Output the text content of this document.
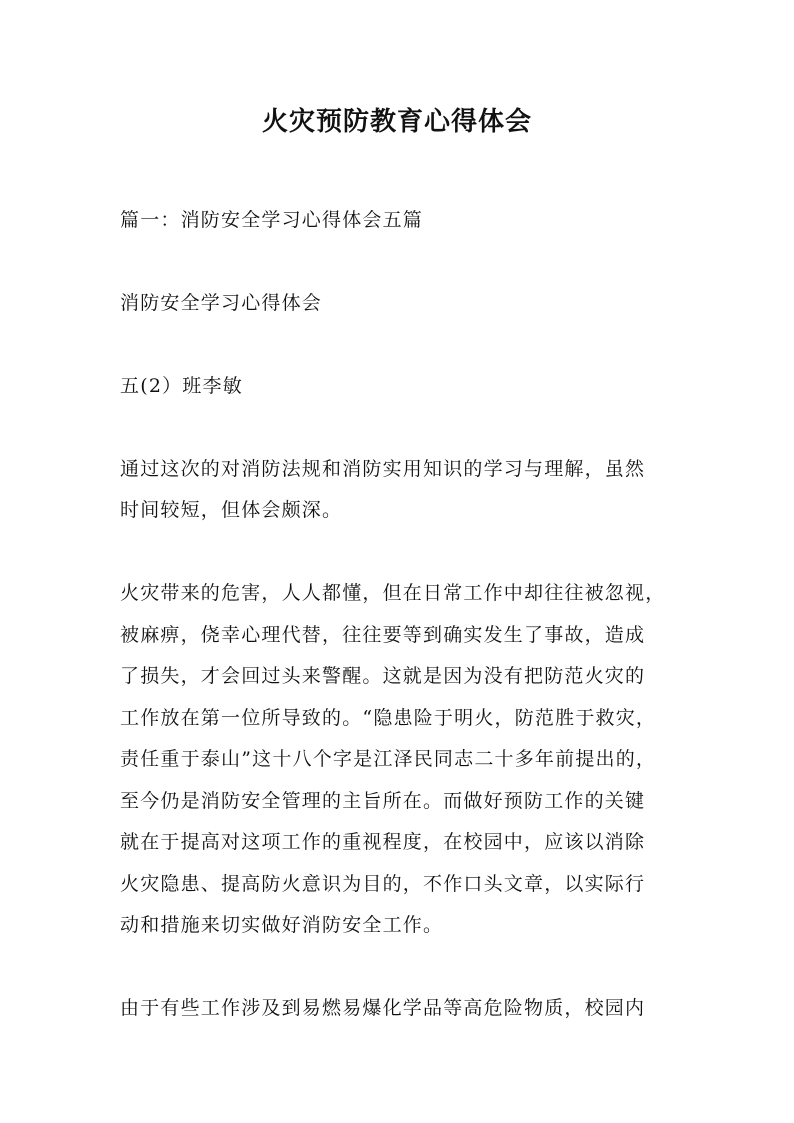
火灾预防教育心得体会
篇一：消防安全学习心得体会五篇
消防安全学习心得体会
五(2）班李敏
通过这次的对消防法规和消防实用知识的学习与理解，虽然
时间较短，但体会颇深。
火灾带来的危害，人人都懂，但在日常工作中却往往被忽视，
被麻痹，侥幸心理代替，往往要等到确实发生了事故，造成
了损失，才会回过头来警醒。这就是因为没有把防范火灾的
工作放在第一位所导致的。“隐患险于明火，防范胜于救灾，
责任重于泰山”这十八个字是江泽民同志二十多年前提出的，
至今仍是消防安全管理的主旨所在。而做好预防工作的关键
就在于提高对这项工作的重视程度，在校园中，应该以消除
火灾隐患、提高防火意识为目的，不作口头文章，以实际行
动和措施来切实做好消防安全工作。
由于有些工作涉及到易燃易爆化学品等高危险物质，校园内
